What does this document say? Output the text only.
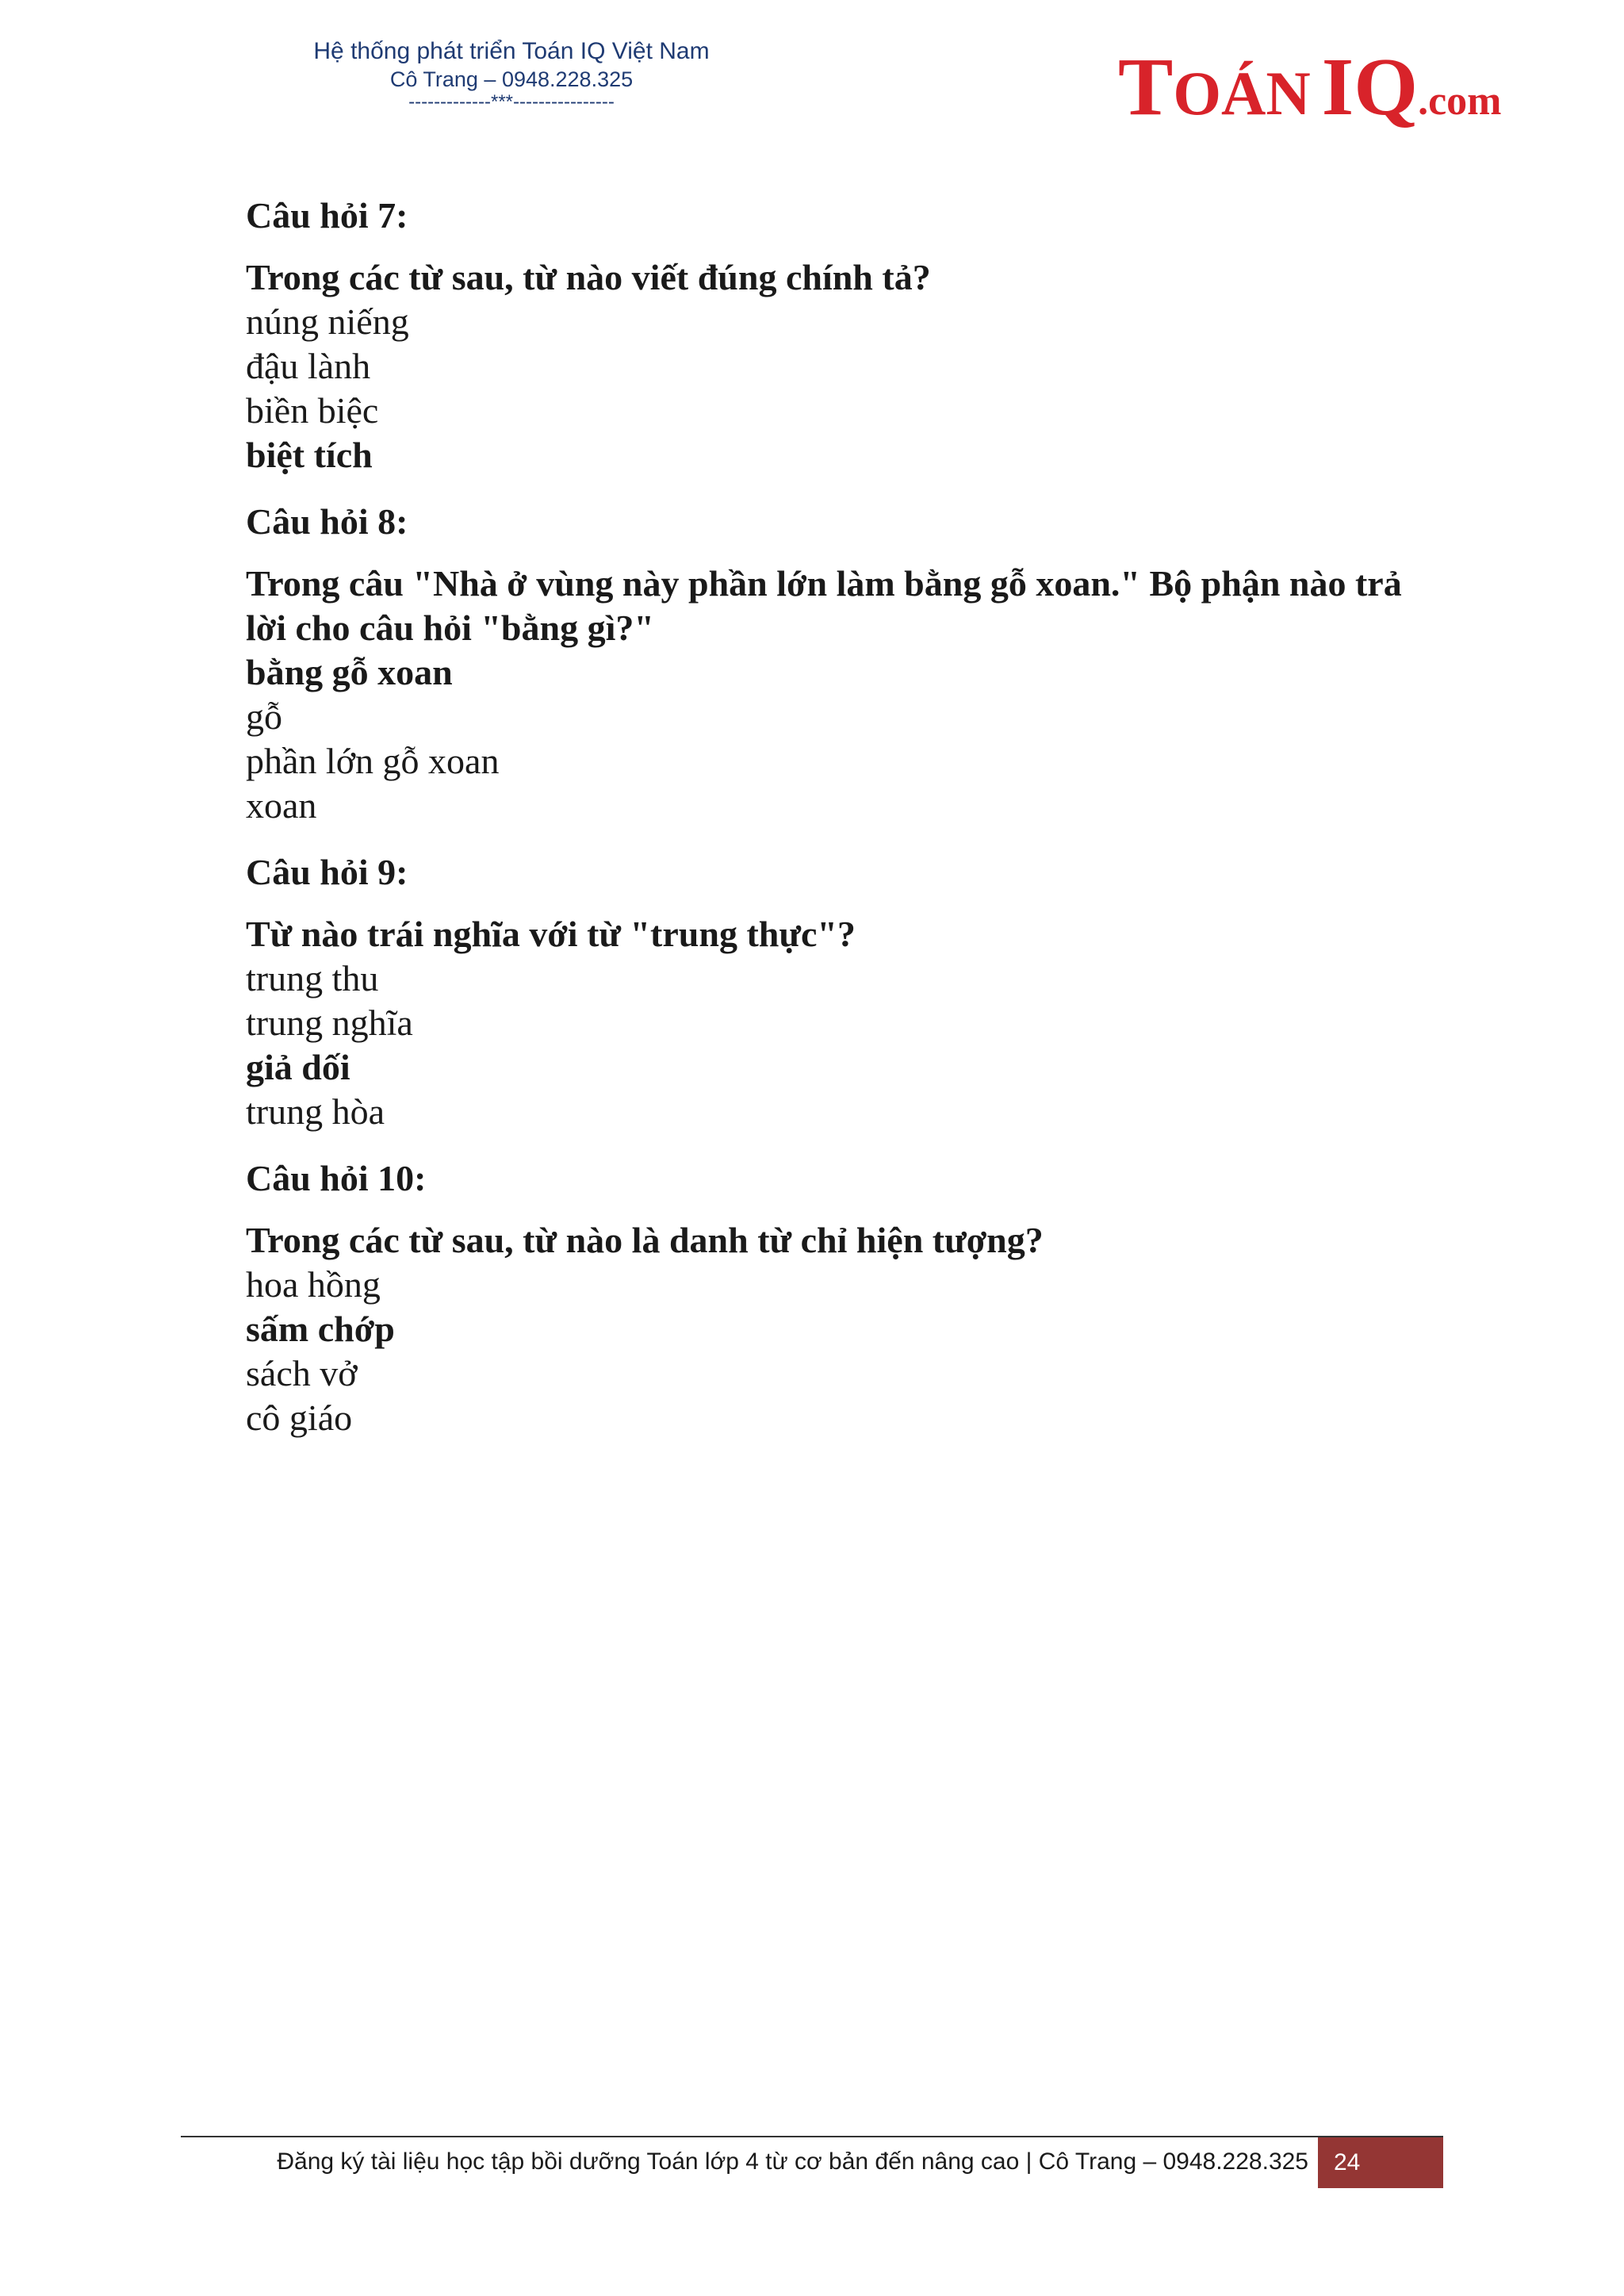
Hệ thống phát triển Toán IQ Việt Nam
Cô Trang – 0948.228.325
-------------***----------------	TOÁN IQ.com
Câu hỏi 7:
Trong các từ sau, từ nào viết đúng chính tả?
núng niếng
đậu lành
biền biệc
biệt tích
Câu hỏi 8:
Trong câu "Nhà ở vùng này phần lớn làm bằng gỗ xoan." Bộ phận nào trả lời cho câu hỏi "bằng gì?"
bằng gỗ xoan
gỗ
phần lớn gỗ xoan
xoan
Câu hỏi 9:
Từ nào trái nghĩa với từ "trung thực"?
trung thu
trung nghĩa
giả dối
trung hòa
Câu hỏi 10:
Trong các từ sau, từ nào là danh từ chỉ hiện tượng?
hoa hồng
sấm chớp
sách vở
cô giáo
Đăng ký tài liệu học tập bồi dưỡng Toán lớp 4 từ cơ bản đến nâng cao | Cô Trang – 0948.228.325	24
